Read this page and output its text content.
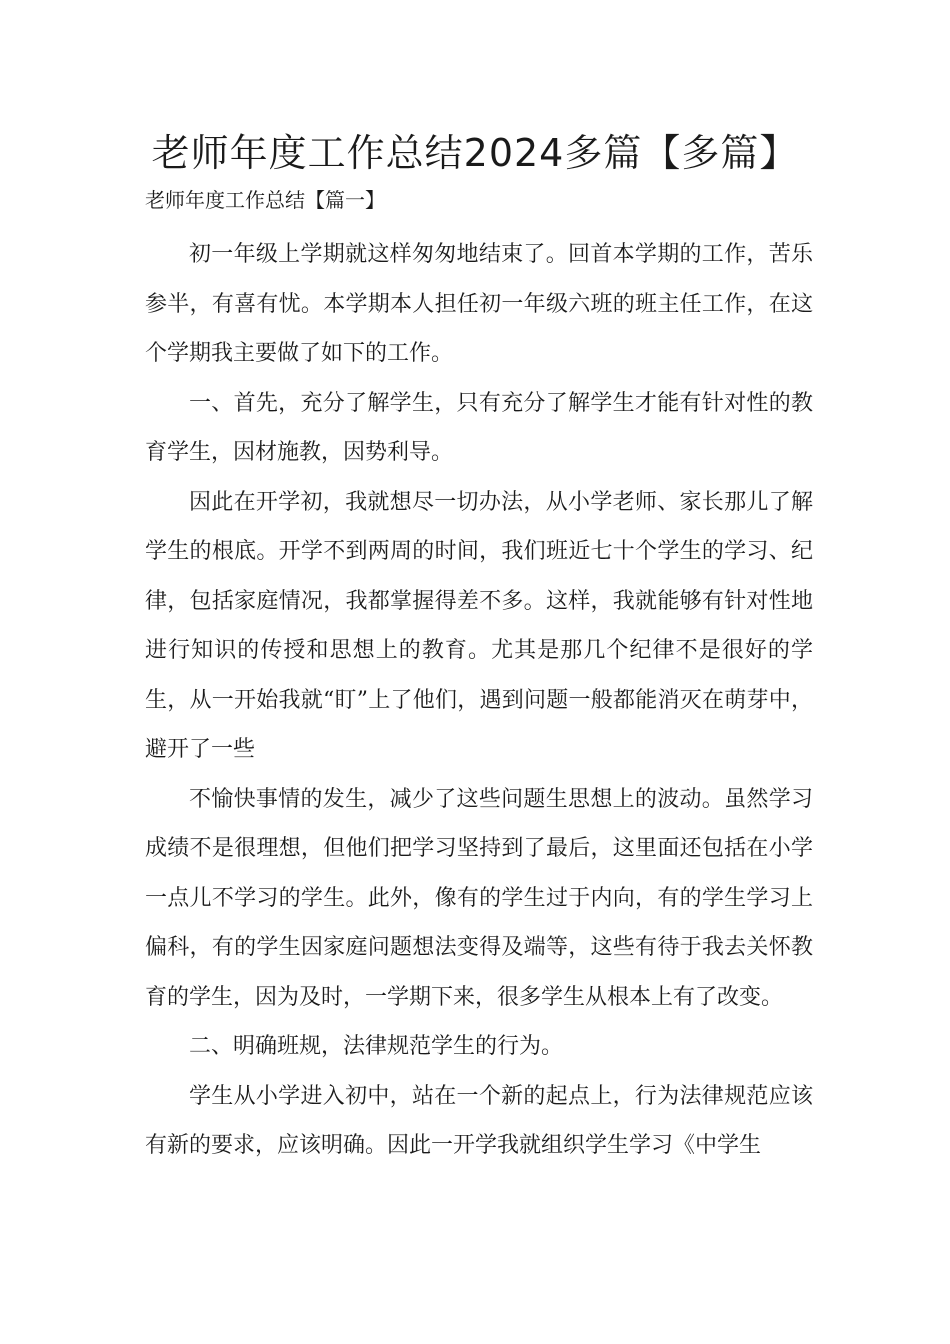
老师年度工作总结2024多篇【多篇】

老师年度工作总结【篇一】

初一年级上学期就这样匆匆地结束了。回首本学期的工作，苦乐参半，有喜有忧。本学期本人担任初一年级六班的班主任工作，在这个学期我主要做了如下的工作。

一、首先，充分了解学生，只有充分了解学生才能有针对性的教育学生，因材施教，因势利导。

因此在开学初，我就想尽一切办法，从小学老师、家长那儿了解学生的根底。开学不到两周的时间，我们班近七十个学生的学习、纪律，包括家庭情况，我都掌握得差不多。这样，我就能够有针对性地进行知识的传授和思想上的教育。尤其是那几个纪律不是很好的学生，从一开始我就“盯”上了他们，遇到问题一般都能消灭在萌芽中，避开了一些

不愉快事情的发生，减少了这些问题生思想上的波动。虽然学习成绩不是很理想，但他们把学习坚持到了最后，这里面还包括在小学一点儿不学习的学生。此外，像有的学生过于内向，有的学生学习上偏科，有的学生因家庭问题想法变得及端等，这些有待于我去关怀教育的学生，因为及时，一学期下来，很多学生从根本上有了改变。

二、明确班规，法律规范学生的行为。

学生从小学进入初中，站在一个新的起点上，行为法律规范应该有新的要求，应该明确。因此一开学我就组织学生学习《中学生
